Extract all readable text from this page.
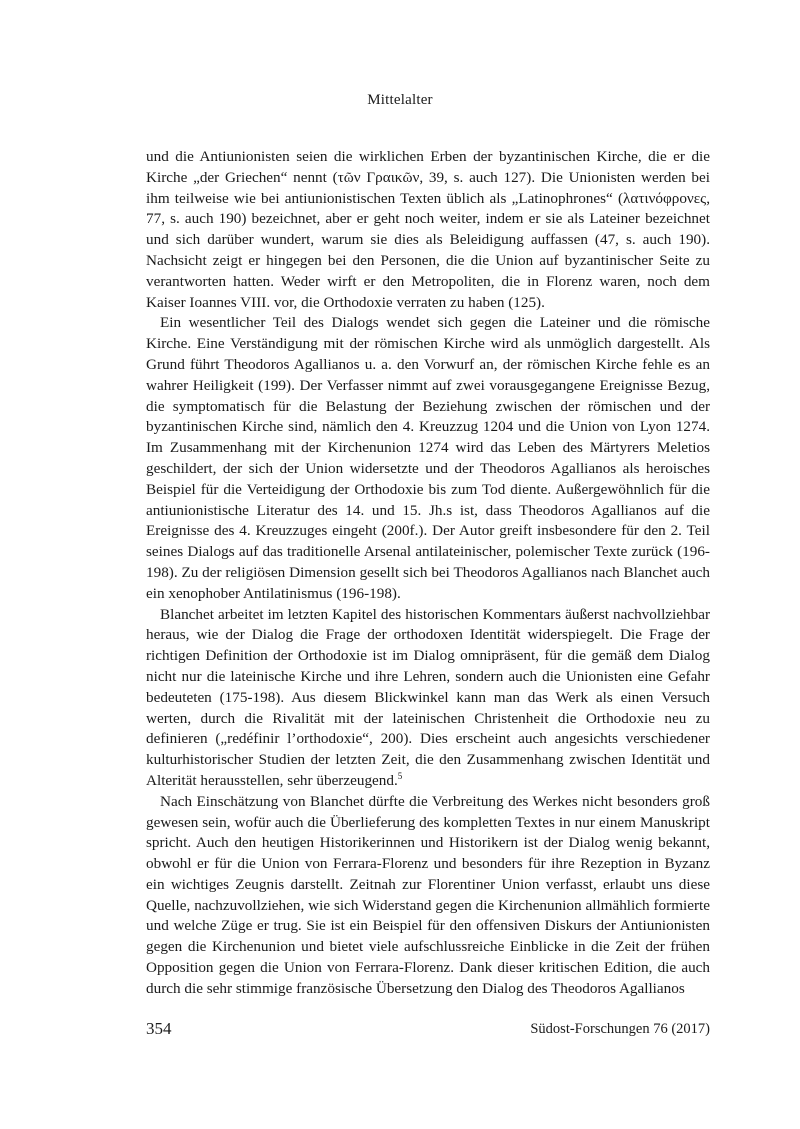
Mittelalter

und die Antiunionisten seien die wirklichen Erben der byzantinischen Kirche, die er die Kirche „der Griechen“ nennt (τῶν Γραικῶν, 39, s. auch 127). Die Unionisten werden bei ihm teilweise wie bei antiunionistischen Texten üblich als „Latinophrones“ (λατινόφρονες, 77, s. auch 190) bezeichnet, aber er geht noch weiter, indem er sie als Lateiner bezeichnet und sich darüber wundert, warum sie dies als Beleidigung auffassen (47, s. auch 190). Nachsicht zeigt er hingegen bei den Personen, die die Union auf byzantinischer Seite zu verantworten hatten. Weder wirft er den Metropoliten, die in Florenz waren, noch dem Kaiser Ioannes VIII. vor, die Orthodoxie verraten zu haben (125).

Ein wesentlicher Teil des Dialogs wendet sich gegen die Lateiner und die römische Kirche. Eine Verständigung mit der römischen Kirche wird als unmöglich dargestellt. Als Grund führt Theodoros Agallianos u. a. den Vorwurf an, der römischen Kirche fehle es an wahrer Heiligkeit (199). Der Verfasser nimmt auf zwei vorausgegangene Ereignisse Bezug, die symptomatisch für die Belastung der Beziehung zwischen der römischen und der byzantinischen Kirche sind, nämlich den 4. Kreuzzug 1204 und die Union von Lyon 1274. Im Zusammenhang mit der Kirchenunion 1274 wird das Leben des Märtyrers Meletios geschildert, der sich der Union widersetzte und der Theodoros Agallianos als heroisches Beispiel für die Verteidigung der Orthodoxie bis zum Tod diente. Außergewöhnlich für die antiunionistische Literatur des 14. und 15. Jh.s ist, dass Theodoros Agallianos auf die Ereignisse des 4. Kreuzzuges eingeht (200f.). Der Autor greift insbesondere für den 2. Teil seines Dialogs auf das traditionelle Arsenal antilateinischer, polemischer Texte zurück (196-198). Zu der religiösen Dimension gesellt sich bei Theodoros Agallianos nach Blanchet auch ein xenophober Antilatinismus (196-198).

Blanchet arbeitet im letzten Kapitel des historischen Kommentars äußerst nachvollziehbar heraus, wie der Dialog die Frage der orthodoxen Identität widerspiegelt. Die Frage der richtigen Definition der Orthodoxie ist im Dialog omnipräsent, für die gemäß dem Dialog nicht nur die lateinische Kirche und ihre Lehren, sondern auch die Unionisten eine Gefahr bedeuteten (175-198). Aus diesem Blickwinkel kann man das Werk als einen Versuch werten, durch die Rivalität mit der lateinischen Christenheit die Orthodoxie neu zu definieren („redéfinir l’orthodoxie“, 200). Dies erscheint auch angesichts verschiedener kulturhistorischer Studien der letzten Zeit, die den Zusammenhang zwischen Identität und Alterität herausstellen, sehr überzeugend.$^5$

Nach Einschätzung von Blanchet dürfte die Verbreitung des Werkes nicht besonders groß gewesen sein, wofür auch die Überlieferung des kompletten Textes in nur einem Manuskript spricht. Auch den heutigen Historikerinnen und Historikern ist der Dialog wenig bekannt, obwohl er für die Union von Ferrara-Florenz und besonders für ihre Rezeption in Byzanz ein wichtiges Zeugnis darstellt. Zeitnah zur Florentiner Union verfasst, erlaubt uns diese Quelle, nachzuvollziehen, wie sich Widerstand gegen die Kirchenunion allmählich formierte und welche Züge er trug. Sie ist ein Beispiel für den offensiven Diskurs der Antiunionisten gegen die Kirchenunion und bietet viele aufschlussreiche Einblicke in die Zeit der frühen Opposition gegen die Union von Ferrara-Florenz. Dank dieser kritischen Edition, die auch durch die sehr stimmige französische Übersetzung den Dialog des Theodoros Agallianos

354	Südost-Forschungen 76 (2017)
